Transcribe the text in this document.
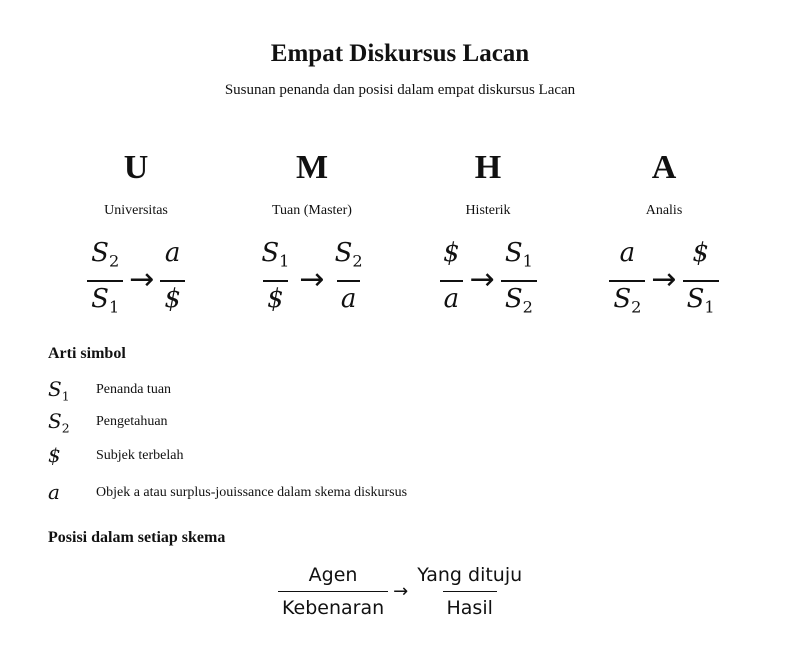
Empat Diskursus Lacan
Susunan penanda dan posisi dalam empat diskursus Lacan
U
Universitas
$\frac{S_2}{S_1} \to \frac{a}{\$}$
M
Tuan (Master)
$\frac{S_1}{\$} \to \frac{S_2}{a}$
H
Histerik
$\frac{\$}{a} \to \frac{S_1}{S_2}$
A
Analis
$\frac{a}{S_2} \to \frac{\$}{S_1}$
Arti simbol
$S_1$	Penanda tuan
$S_2$	Pengetahuan
$	Subjek terbelah
a	Objek a atau surplus-jouissance dalam skema diskursus
Posisi dalam setiap skema
$\frac{\text{Agen}}{\text{Kebenaran}} \to \frac{\text{Yang dituju}}{\text{Hasil}}$
